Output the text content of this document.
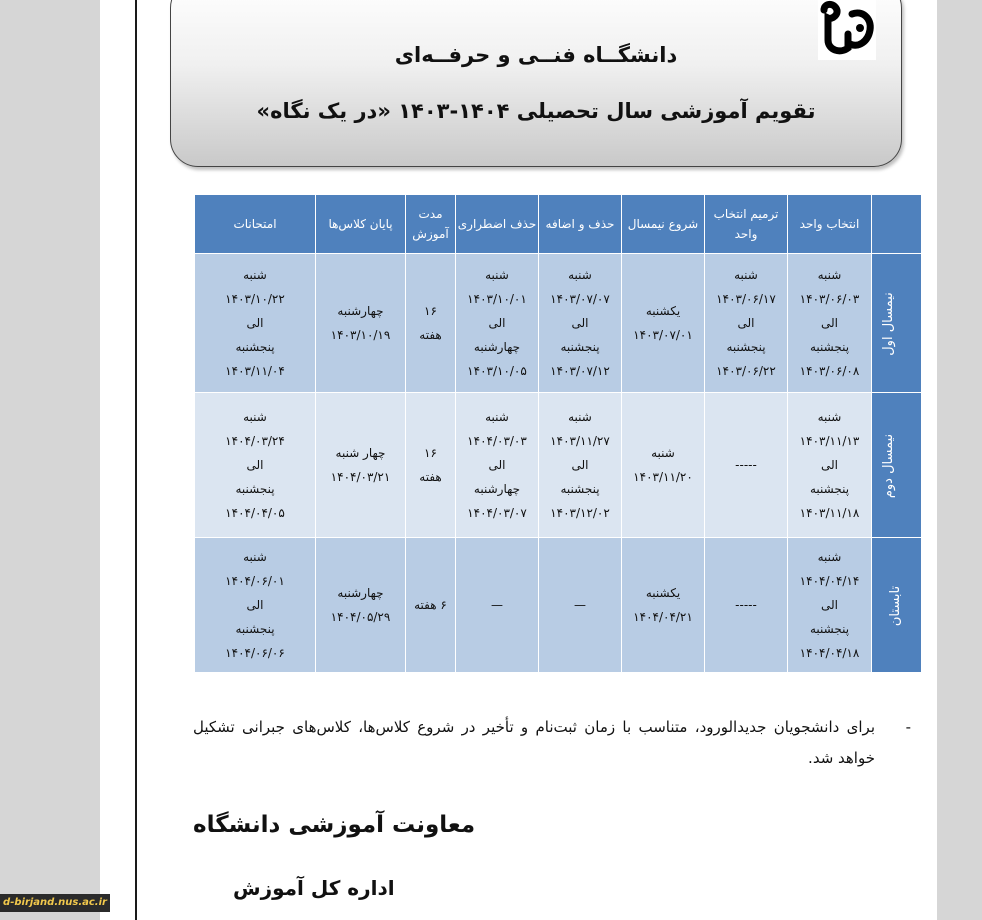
d-birjand.nus.ac.ir
دانشگــاه فنــی و حرفــه‌ای
تقویم آموزشی سال تحصیلی ۱۴۰۴-۱۴۰۳ «در یک نگاه»
	انتخاب واحد	ترمیم انتخاب واحد	شروع نیمسال	حذف و اضافه	حذف اضطراری	مدت آموزش	پایان کلاس‌ها	امتحانات
نیمسال اول	شنبه
۱۴۰۳/۰۶/۰۳
الی
پنجشنبه
۱۴۰۳/۰۶/۰۸	شنبه
۱۴۰۳/۰۶/۱۷
الی
پنجشنبه
۱۴۰۳/۰۶/۲۲	یکشنبه
۱۴۰۳/۰۷/۰۱	شنبه
۱۴۰۳/۰۷/۰۷
الی
پنجشنبه
۱۴۰۳/۰۷/۱۲	شنبه
۱۴۰۳/۱۰/۰۱
الی
چهارشنبه
۱۴۰۳/۱۰/۰۵	۱۶
هفته	چهارشنبه
۱۴۰۳/۱۰/۱۹	شنبه
۱۴۰۳/۱۰/۲۲
الی
پنجشنبه
۱۴۰۳/۱۱/۰۴
نیمسال دوم	شنبه
۱۴۰۳/۱۱/۱۳
الی
پنجشنبه
۱۴۰۳/۱۱/۱۸	-----	شنبه
۱۴۰۳/۱۱/۲۰	شنبه
۱۴۰۳/۱۱/۲۷
الی
پنجشنبه
۱۴۰۳/۱۲/۰۲	شنبه
۱۴۰۴/۰۳/۰۳
الی
چهارشنبه
۱۴۰۴/۰۳/۰۷	۱۶
هفته	چهار شنبه
۱۴۰۴/۰۳/۲۱	شنبه
۱۴۰۴/۰۳/۲۴
الی
پنجشنبه
۱۴۰۴/۰۴/۰۵
تابستان	شنبه
۱۴۰۴/۰۴/۱۴
الی
پنجشنبه
۱۴۰۴/۰۴/۱۸	-----	یکشنبه
۱۴۰۴/۰۴/۲۱	—	—	۶ هفته	چهارشنبه
۱۴۰۴/۰۵/۲۹	شنبه
۱۴۰۴/۰۶/۰۱
الی
پنجشنبه
۱۴۰۴/۰۶/۰۶
-
برای دانشجویان جدیدالورود، متناسب با زمان ثبت‌نام و تأخیر در شروع کلاس‌ها، کلاس‌های جبرانی تشکیل خواهد شد.
معاونت آموزشی دانشگاه
اداره کل آموزش
